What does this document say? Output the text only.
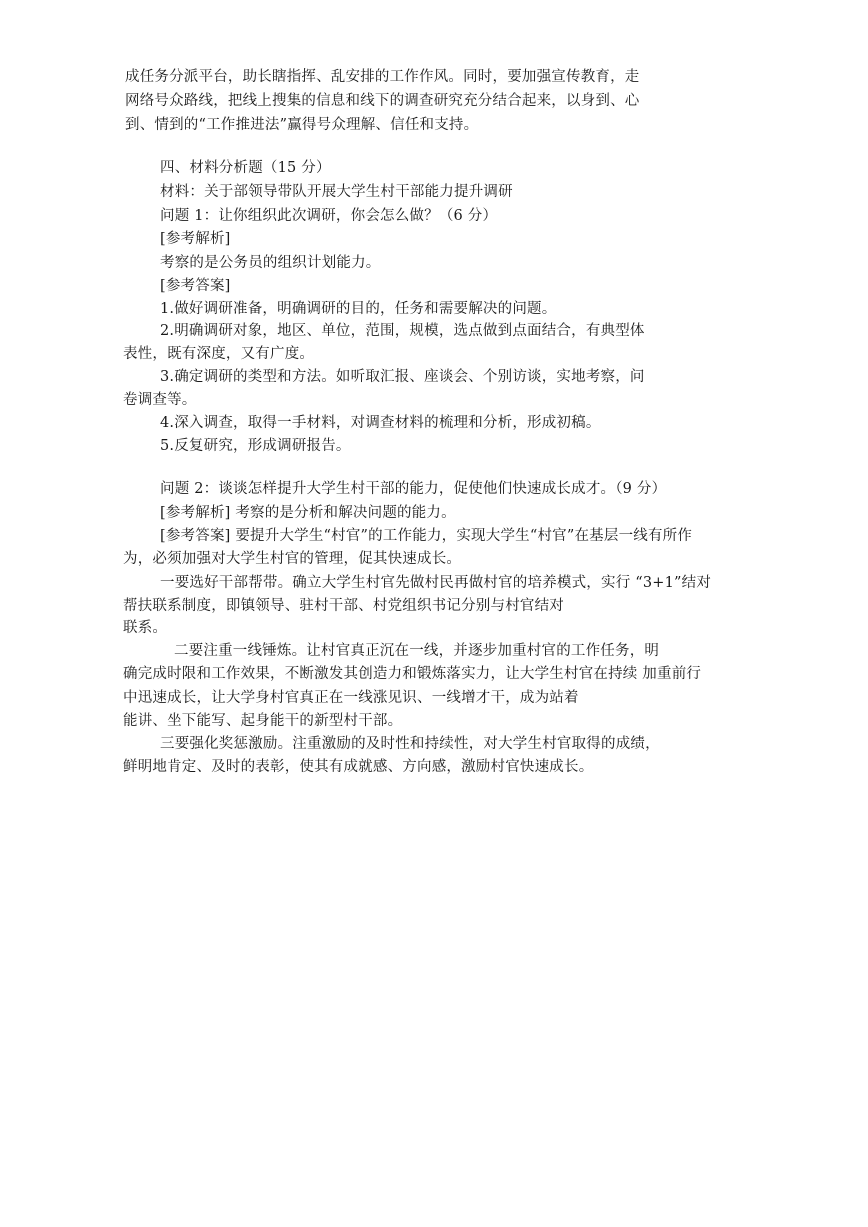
成任务分派平台，助长瞎指挥、乱安排的工作作风。同时，要加强宣传教育，走
网络号众路线，把线上搜集的信息和线下的调查研究充分结合起来，以身到、心
到、情到的“工作推进法”赢得号众理解、信任和支持。
四、材料分析题（15 分）
材料：关于部领导带队开展大学生村干部能力提升调研
问题 1：让你组织此次调研，你会怎么做？（6 分）
[参考解析]
考察的是公务员的组织计划能力。
[参考答案]
1.做好调研准备，明确调研的目的，任务和需要解决的问题。
2.明确调研对象，地区、单位，范围，规模，选点做到点面结合，有典型体
表性，既有深度，又有广度。
3.确定调研的类型和方法。如听取汇报、座谈会、个别访谈，实地考察，问
卷调查等。
4.深入调查，取得一手材料，对调查材料的梳理和分析，形成初稿。
5.反复研究，形成调研报告。
问题 2：谈谈怎样提升大学生村干部的能力，促使他们快速成长成才。（9 分）
[参考解析] 考察的是分析和解决问题的能力。
[参考答案] 要提升大学生“村官”的工作能力，实现大学生“村官”在基层一线有所作
为，必须加强对大学生村官的管理，促其快速成长。
一要选好干部帮带。确立大学生村官先做村民再做村官的培养模式，实行 “3+1”结对
帮扶联系制度，即镇领导、驻村干部、村党组织书记分别与村官结对
联系。
二要注重一线锤炼。让村官真正沉在一线，并逐步加重村官的工作任务，明
确完成时限和工作效果，不断激发其创造力和锻炼落实力，让大学生村官在持续 加重前行
中迅速成长，让大学身村官真正在一线涨见识、一线增才干，成为站着
能讲、坐下能写、起身能干的新型村干部。
三要强化奖惩激励。注重激励的及时性和持续性，对大学生村官取得的成绩，
鲜明地肯定、及时的表彰，使其有成就感、方向感，激励村官快速成长。
